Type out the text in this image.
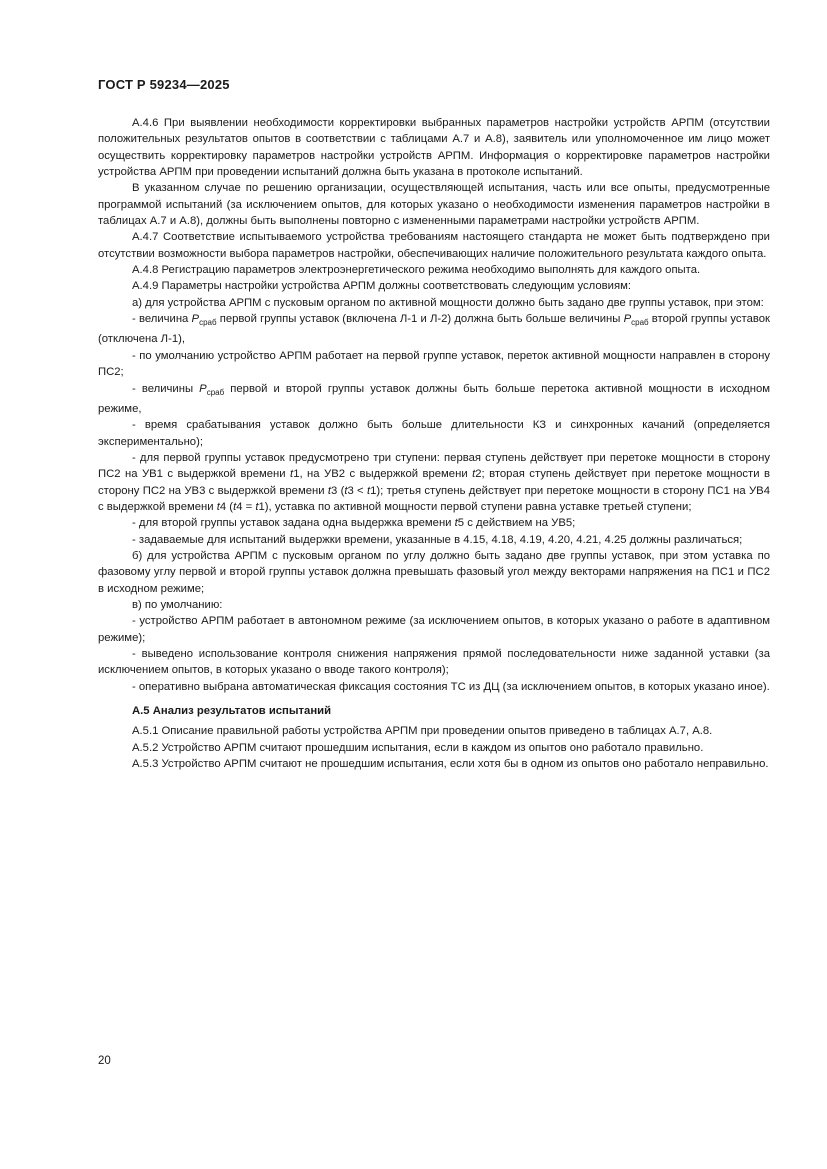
ГОСТ Р 59234—2025

А.4.6 При выявлении необходимости корректировки выбранных параметров настройки устройств АРПМ (отсутствии положительных результатов опытов в соответствии с таблицами А.7 и А.8), заявитель или уполномоченное им лицо может осуществить корректировку параметров настройки устройств АРПМ. Информация о корректировке параметров настройки устройства АРПМ при проведении испытаний должна быть указана в протоколе испытаний.

В указанном случае по решению организации, осуществляющей испытания, часть или все опыты, предусмотренные программой испытаний (за исключением опытов, для которых указано о необходимости изменения параметров настройки в таблицах А.7 и А.8), должны быть выполнены повторно с измененными параметрами настройки устройств АРПМ.

А.4.7 Соответствие испытываемого устройства требованиям настоящего стандарта не может быть подтверждено при отсутствии возможности выбора параметров настройки, обеспечивающих наличие положительного результата каждого опыта.

А.4.8 Регистрацию параметров электроэнергетического режима необходимо выполнять для каждого опыта.

А.4.9 Параметры настройки устройства АРПМ должны соответствовать следующим условиям:

а) для устройства АРПМ с пусковым органом по активной мощности должно быть задано две группы уставок, при этом:

- величина $P_{сраб}$ первой группы уставок (включена Л-1 и Л-2) должна быть больше величины $P_{сраб}$ второй группы уставок (отключена Л-1),

- по умолчанию устройство АРПМ работает на первой группе уставок, переток активной мощности направлен в сторону ПС2;

- величины $P_{сраб}$ первой и второй группы уставок должны быть больше перетока активной мощности в исходном режиме,

- время срабатывания уставок должно быть больше длительности КЗ и синхронных качаний (определяется экспериментально);

- для первой группы уставок предусмотрено три ступени: первая ступень действует при перетоке мощности в сторону ПС2 на УВ1 с выдержкой времени t1, на УВ2 с выдержкой времени t2; вторая ступень действует при перетоке мощности в сторону ПС2 на УВ3 с выдержкой времени t3 (t3 < t1); третья ступень действует при перетоке мощности в сторону ПС1 на УВ4 с выдержкой времени t4 (t4 = t1), уставка по активной мощности первой ступени равна уставке третьей ступени;

- для второй группы уставок задана одна выдержка времени t5 с действием на УВ5;

- задаваемые для испытаний выдержки времени, указанные в 4.15, 4.18, 4.19, 4.20, 4.21, 4.25 должны различаться;

б) для устройства АРПМ с пусковым органом по углу должно быть задано две группы уставок, при этом уставка по фазовому углу первой и второй группы уставок должна превышать фазовый угол между векторами напряжения на ПС1 и ПС2 в исходном режиме;

в) по умолчанию:

- устройство АРПМ работает в автономном режиме (за исключением опытов, в которых указано о работе в адаптивном режиме);

- выведено использование контроля снижения напряжения прямой последовательности ниже заданной уставки (за исключением опытов, в которых указано о вводе такого контроля);

- оперативно выбрана автоматическая фиксация состояния ТС из ДЦ (за исключением опытов, в которых указано иное).

А.5 Анализ результатов испытаний

А.5.1 Описание правильной работы устройства АРПМ при проведении опытов приведено в таблицах А.7, А.8.

А.5.2 Устройство АРПМ считают прошедшим испытания, если в каждом из опытов оно работало правильно.

А.5.3 Устройство АРПМ считают не прошедшим испытания, если хотя бы в одном из опытов оно работало неправильно.

20
